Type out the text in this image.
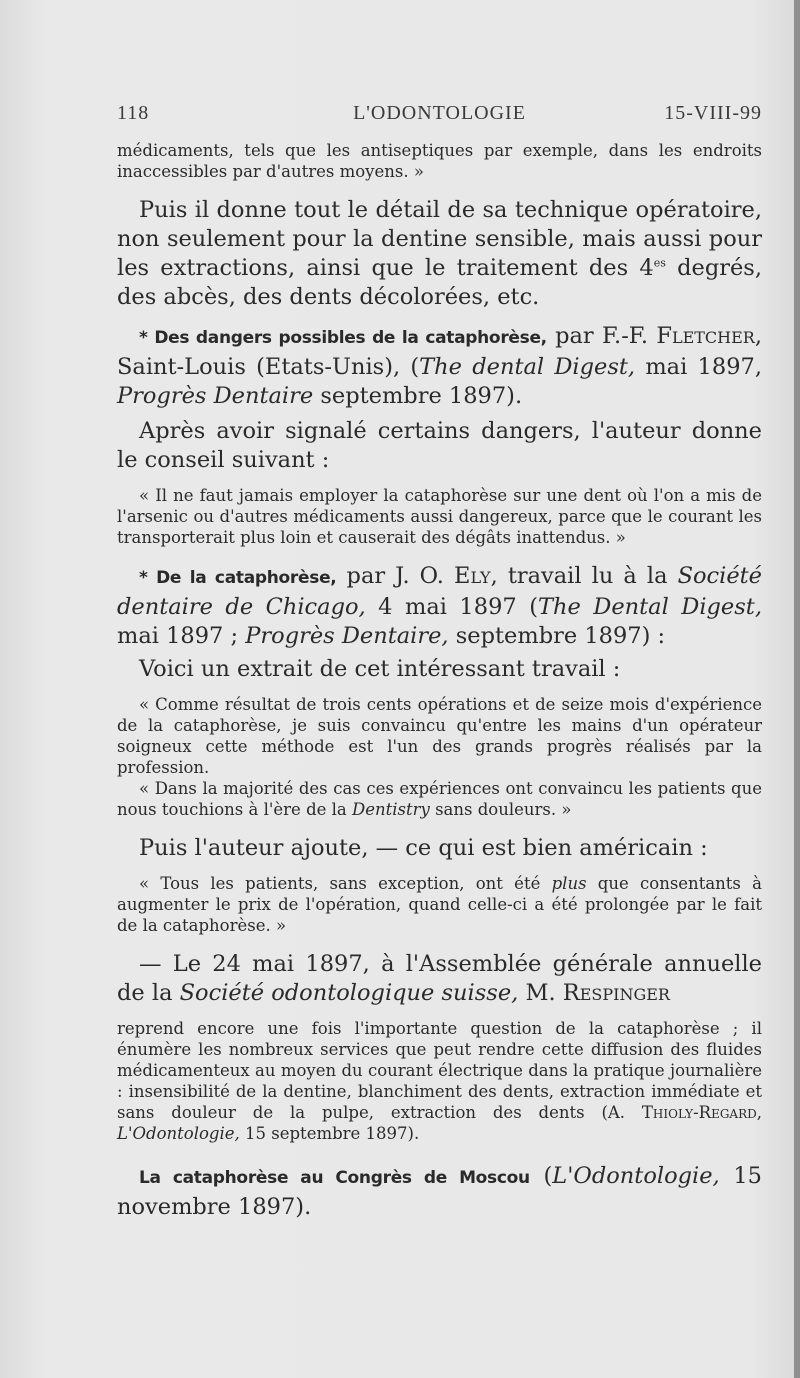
118	L'ODONTOLOGIE	15-VIII-99

médicaments, tels que les antiseptiques par exemple, dans les endroits inaccessibles par d'autres moyens. »

Puis il donne tout le détail de sa technique opératoire, non seulement pour la dentine sensible, mais aussi pour les extractions, ainsi que le traitement des $4^{es}$ degrés, des abcès, des dents décolorées, etc.

* Des dangers possibles de la cataphorèse, par F.-F. Fletcher, Saint-Louis (Etats-Unis), (The dental Digest, mai 1897, Progrès Dentaire septembre 1897).

Après avoir signalé certains dangers, l'auteur donne le conseil suivant :

« Il ne faut jamais employer la cataphorèse sur une dent où l'on a mis de l'arsenic ou d'autres médicaments aussi dangereux, parce que le courant les transporterait plus loin et causerait des dégâts inattendus. »

* De la cataphorèse, par J. O. Ely, travail lu à la Société dentaire de Chicago, 4 mai 1897 (The Dental Digest, mai 1897 ; Progrès Dentaire, septembre 1897) :

Voici un extrait de cet intéressant travail :

« Comme résultat de trois cents opérations et de seize mois d'expérience de la cataphorèse, je suis convaincu qu'entre les mains d'un opérateur soigneux cette méthode est l'un des grands progrès réalisés par la profession.

« Dans la majorité des cas ces expériences ont convaincu les patients que nous touchions à l'ère de la Dentistry sans douleurs. »

Puis l'auteur ajoute, — ce qui est bien américain :

« Tous les patients, sans exception, ont été plus que consentants à augmenter le prix de l'opération, quand celle-ci a été prolongée par le fait de la cataphorèse. »

— Le 24 mai 1897, à l'Assemblée générale annuelle de la Société odontologique suisse, M. Respinger

reprend encore une fois l'importante question de la cataphorèse ; il énumère les nombreux services que peut rendre cette diffusion des fluides médicamenteux au moyen du courant électrique dans la pratique journalière : insensibilité de la dentine, blanchiment des dents, extraction immédiate et sans douleur de la pulpe, extraction des dents (A. Thioly-Regard, L'Odontologie, 15 septembre 1897).

La cataphorèse au Congrès de Moscou (L'Odontologie, 15 novembre 1897).
